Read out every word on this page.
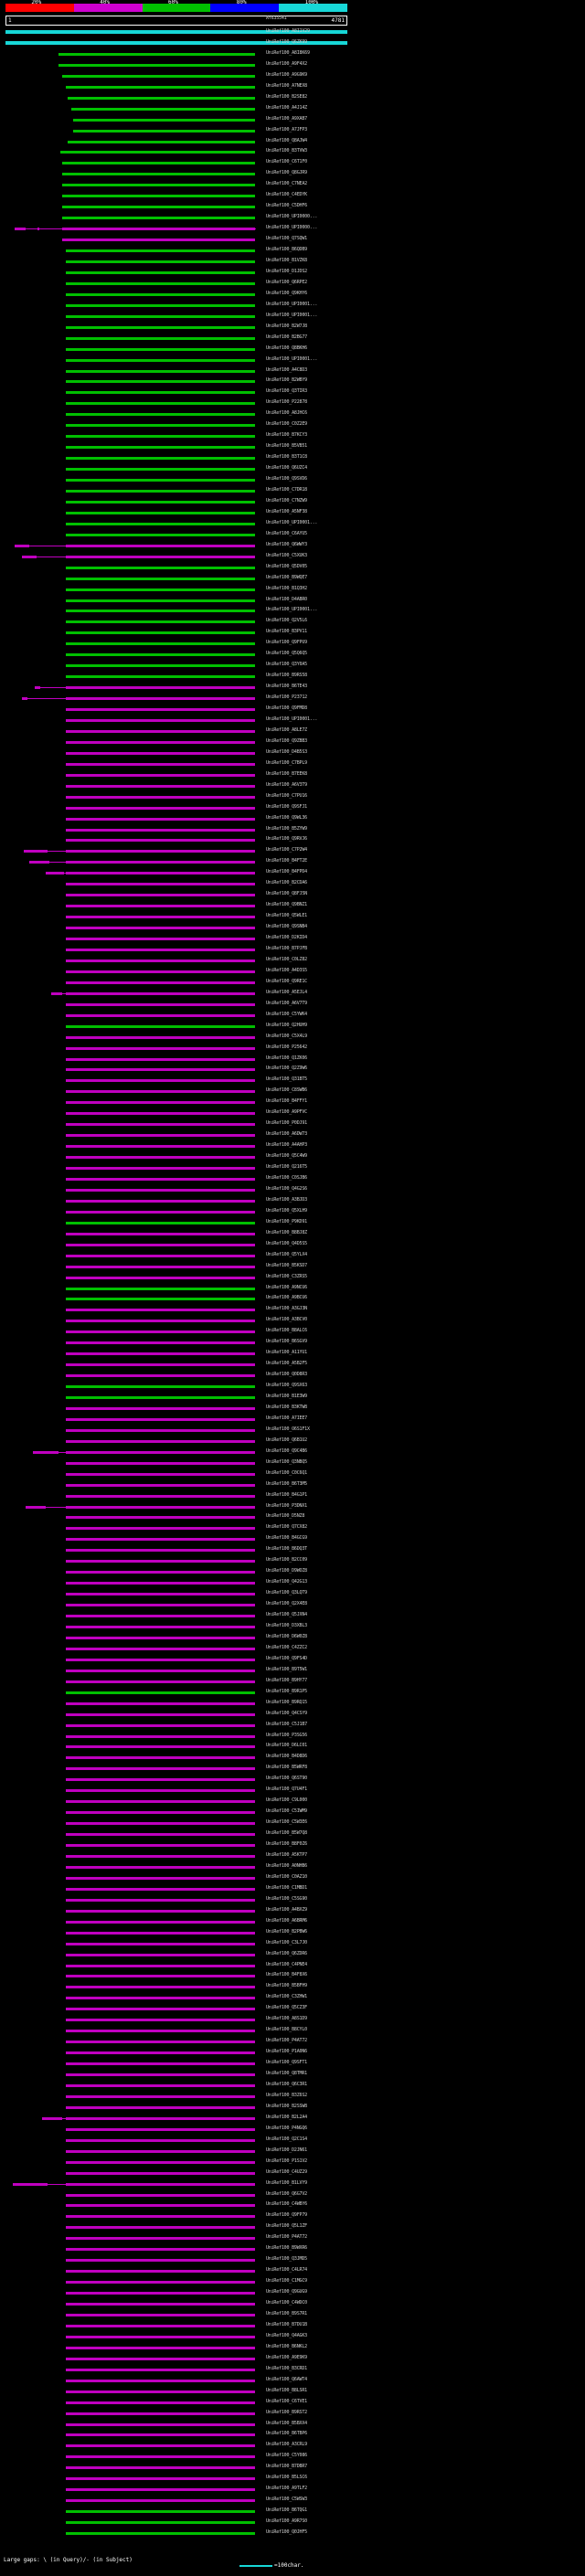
20%	40%	60%	80%	100%
1	4781
AY635541
UniRef100_A8I1V29
UniRef100_Q6ZK99
UniRef100_A8I8K69
UniRef100_A9F4X2
UniRef100_A9G9K9
UniRef100_A7NEX8
UniRef100_B2SE82
UniRef100_A4J14Z
UniRef100_A9XAB7
UniRef100_A7JFP3
UniRef100_Q8AJW4
UniRef100_B3TVW3
UniRef100_C6T1F0
UniRef100_Q8GJR9
UniRef100_C7NEA2
UniRef100_C4EDYK
UniRef100_C5DHF6
UniRef100_UPI0000...
UniRef100_UPI0000...
UniRef100_Q7SQW1
UniRef100_B6QDB9
UniRef100_B1VZK8
UniRef100_D1JDS2
UniRef100_Q6RPE2
UniRef100_Q9KHY6
UniRef100_UPI0001...
UniRef100_UPI0001...
UniRef100_B2W7J8
UniRef100_B2BG77
UniRef100_Q8BKH6
UniRef100_UPI0001...
UniRef100_A4C8D3
UniRef100_B2WBY9
UniRef100_Q3TIR3
UniRef100_P22878
UniRef100_A8JHC6
UniRef100_C0Z2E9
UniRef100_B7KCY3
UniRef100_B5VB51
UniRef100_B3T1C8
UniRef100_Q6UZC4
UniRef100_Q9SVD6
UniRef100_C7DR18
UniRef100_C7NZW9
UniRef100_A5NF38
UniRef100_UPI0001...
UniRef100_C6AYU5
UniRef100_Q6WWY3
UniRef100_C5XUK3
UniRef100_Q5DV05
UniRef100_B9WQE7
UniRef100_B1Q3H2
UniRef100_D4ABR0
UniRef100_UPI0001...
UniRef100_Q2V5L6
UniRef100_B3PV11
UniRef100_Q9FPU9
UniRef100_Q5Q6Q5
UniRef100_Q3Y0A5
UniRef100_B9RS58
UniRef100_B6TE43
UniRef100_P23712
UniRef100_Q9FMD8
UniRef100_UPI0001...
UniRef100_A8LE7Z
UniRef100_Q9ZBB3
UniRef100_D4B5S3
UniRef100_C7BPL9
UniRef100_B7EEK8
UniRef100_A6V3T9
UniRef100_C7PU16
UniRef100_Q9SFJ1
UniRef100_Q9WL36
UniRef100_B5ZYW9
UniRef100_Q9RVJ6
UniRef100_C7P2W4
UniRef100_B4FT2E
UniRef100_B4FPD4
UniRef100_B2CDA6
UniRef100_Q8FJ5N
UniRef100_Q9BNZ1
UniRef100_Q5WLE1
UniRef100_Q9SNB4
UniRef100_D2KID4
UniRef100_B7PJFB
UniRef100_C0LZ82
UniRef100_A4D3S5
UniRef100_Q9RE1C
UniRef100_A5EJL4
UniRef100_A6V7T9
UniRef100_C5YWK4
UniRef100_Q2HUH9
UniRef100_C5X4L9
UniRef100_P25642
UniRef100_Q1ZK06
UniRef100_Q2Z9W6
UniRef100_Q31BT5
UniRef100_C8SWB6
UniRef100_B4FFY1
UniRef100_A9PFVC
UniRef100_P0DJ91
UniRef100_A6DW73
UniRef100_A4AHP3
UniRef100_Q5C4W9
UniRef100_Q216T5
UniRef100_C0SJB6
UniRef100_Q4G2S6
UniRef100_A3BJD3
UniRef100_Q5XLH9
UniRef100_P9KD91
UniRef100_B8BJ8Z
UniRef100_Q4D5S5
UniRef100_Q5YLX4
UniRef100_B5KSD7
UniRef100_C3ZRS5
UniRef100_A9NCU6
UniRef100_A9BCU6
UniRef100_A3GJ3N
UniRef100_A3BCV0
UniRef100_B8ALC6
UniRef100_B6SGV9
UniRef100_A11YU1
UniRef100_A5B2F5
UniRef100_Q0D8R3
UniRef100_Q9SX63
UniRef100_B1E3W9
UniRef100_B3KTW8
UniRef100_A7IEE7
UniRef100_O6S1F1X
UniRef100_Q6B1U2
UniRef100_Q9C4B6
UniRef100_Q3NBQ5
UniRef100_C0C6Q1
UniRef100_B6T3M5
UniRef100_B4G1P1
UniRef100_P3DNX1
UniRef100_D5NZ8
UniRef100_Q7CX82
UniRef100_B4GCG9
UniRef100_B6DQ3T
UniRef100_B2CC09
UniRef100_D9WOZ8
UniRef100_Q42G13
UniRef100_Q3LQT9
UniRef100_Q2X4E8
UniRef100_Q5JXN4
UniRef100_D3XBL3
UniRef100_D6W0Z8
UniRef100_C4ZZC2
UniRef100_Q9FS4D
UniRef100_B9T5W1
UniRef100_B9HY77
UniRef100_B9R1P5
UniRef100_B9RQ15
UniRef100_Q4CSY9
UniRef100_C5J1B7
UniRef100_P3SG56
UniRef100_D6LC01
UniRef100_B4D8D6
UniRef100_B5WRF8
UniRef100_Q6ST90
UniRef100_Q7U4F1
UniRef100_C9L000
UniRef100_C5IWM9
UniRef100_C5W3E6
UniRef100_B5W7Q8
UniRef100_B8F0Z6
UniRef100_A5KTP7
UniRef100_A0NHB6
UniRef100_C0AZ10
UniRef100_C1MBD1
UniRef100_C5SG90
UniRef100_A4BXZ9
UniRef100_A6BRM6
UniRef100_B2PBW6
UniRef100_C3L7J0
UniRef100_Q6ZDR6
UniRef100_C4PNE4
UniRef100_B4F8X6
UniRef100_B5BFH9
UniRef100_C3ZHW1
UniRef100_Q5CZ3F
UniRef100_A8S1D9
UniRef100_B8CYL0
UniRef100_P4AT72
UniRef100_P1A0N6
UniRef100_Q9SFT1
UniRef100_Q8TMR1
UniRef100_Q6C3R1
UniRef100_B3Z6S2
UniRef100_B2SSW8
UniRef100_B2L2A4
UniRef100_P4NGQ6
UniRef100_Q2C1S4
UniRef100_D2JN61
UniRef100_P1S1V2
UniRef100_C4UZ29
UniRef100_B1LVY9
UniRef100_Q6G7V2
UniRef100_C4WBY6
UniRef100_Q9FP79
UniRef100_Q5L1ZF
UniRef100_P4AT72
UniRef100_B9WXR6
UniRef100_Q3JMD5
UniRef100_C4LR74
UniRef100_C1MGC9
UniRef100_Q9GUG9
UniRef100_C4WDC0
UniRef100_B9S7R1
UniRef100_B7DU1B
UniRef100_Q4AGK3
UniRef100_B6NKL2
UniRef100_A9E9K9
UniRef100_B3CRD1
UniRef100_Q6AWT4
UniRef100_B8LSR1
UniRef100_C6TVE1
UniRef100_B9RST2
UniRef100_B5BXX4
UniRef100_B6TBP6
UniRef100_A3CRL9
UniRef100_C5Y086
UniRef100_B7DBR7
UniRef100_B5LSC6
UniRef100_A9TLF2
UniRef100_C5WSW3
UniRef100_B6TQG1
UniRef100_A9R7S0
UniRef100_Q0JHF5
Large gaps: \ (in Query)/- (in Subject)
=100char.
